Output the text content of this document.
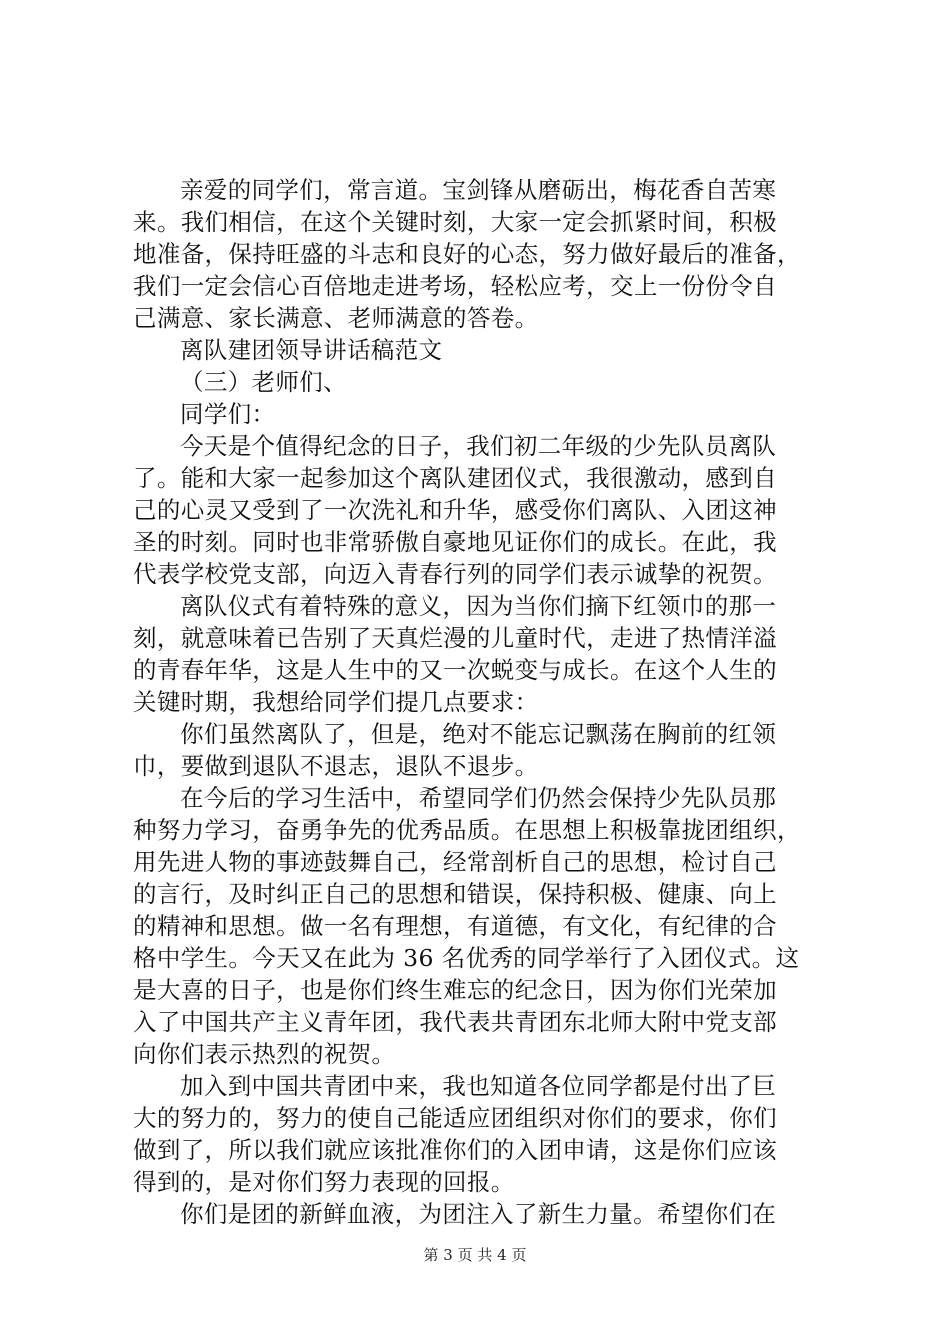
亲爱的同学们，常言道。宝剑锋从磨砺出，梅花香自苦寒
来。我们相信，在这个关键时刻，大家一定会抓紧时间，积极
地准备，保持旺盛的斗志和良好的心态，努力做好最后的准备，
我们一定会信心百倍地走进考场，轻松应考，交上一份份令自
己满意、家长满意、老师满意的答卷。
离队建团领导讲话稿范文
（三）老师们、
同学们：
今天是个值得纪念的日子，我们初二年级的少先队员离队
了。能和大家一起参加这个离队建团仪式，我很激动，感到自
己的心灵又受到了一次洗礼和升华，感受你们离队、入团这神
圣的时刻。同时也非常骄傲自豪地见证你们的成长。在此，我
代表学校党支部，向迈入青春行列的同学们表示诚挚的祝贺。
离队仪式有着特殊的意义，因为当你们摘下红领巾的那一
刻，就意味着已告别了天真烂漫的儿童时代，走进了热情洋溢
的青春年华，这是人生中的又一次蜕变与成长。在这个人生的
关键时期，我想给同学们提几点要求：
你们虽然离队了，但是，绝对不能忘记飘荡在胸前的红领
巾，要做到退队不退志，退队不退步。
在今后的学习生活中，希望同学们仍然会保持少先队员那
种努力学习，奋勇争先的优秀品质。在思想上积极靠拢团组织，
用先进人物的事迹鼓舞自己，经常剖析自己的思想，检讨自己
的言行，及时纠正自己的思想和错误，保持积极、健康、向上
的精神和思想。做一名有理想，有道德，有文化，有纪律的合
格中学生。今天又在此为 36 名优秀的同学举行了入团仪式。这
是大喜的日子，也是你们终生难忘的纪念日，因为你们光荣加
入了中国共产主义青年团，我代表共青团东北师大附中党支部
向你们表示热烈的祝贺。
加入到中国共青团中来，我也知道各位同学都是付出了巨
大的努力的，努力的使自己能适应团组织对你们的要求，你们
做到了，所以我们就应该批准你们的入团申请，这是你们应该
得到的，是对你们努力表现的回报。
你们是团的新鲜血液，为团注入了新生力量。希望你们在
第 3 页 共 4 页
